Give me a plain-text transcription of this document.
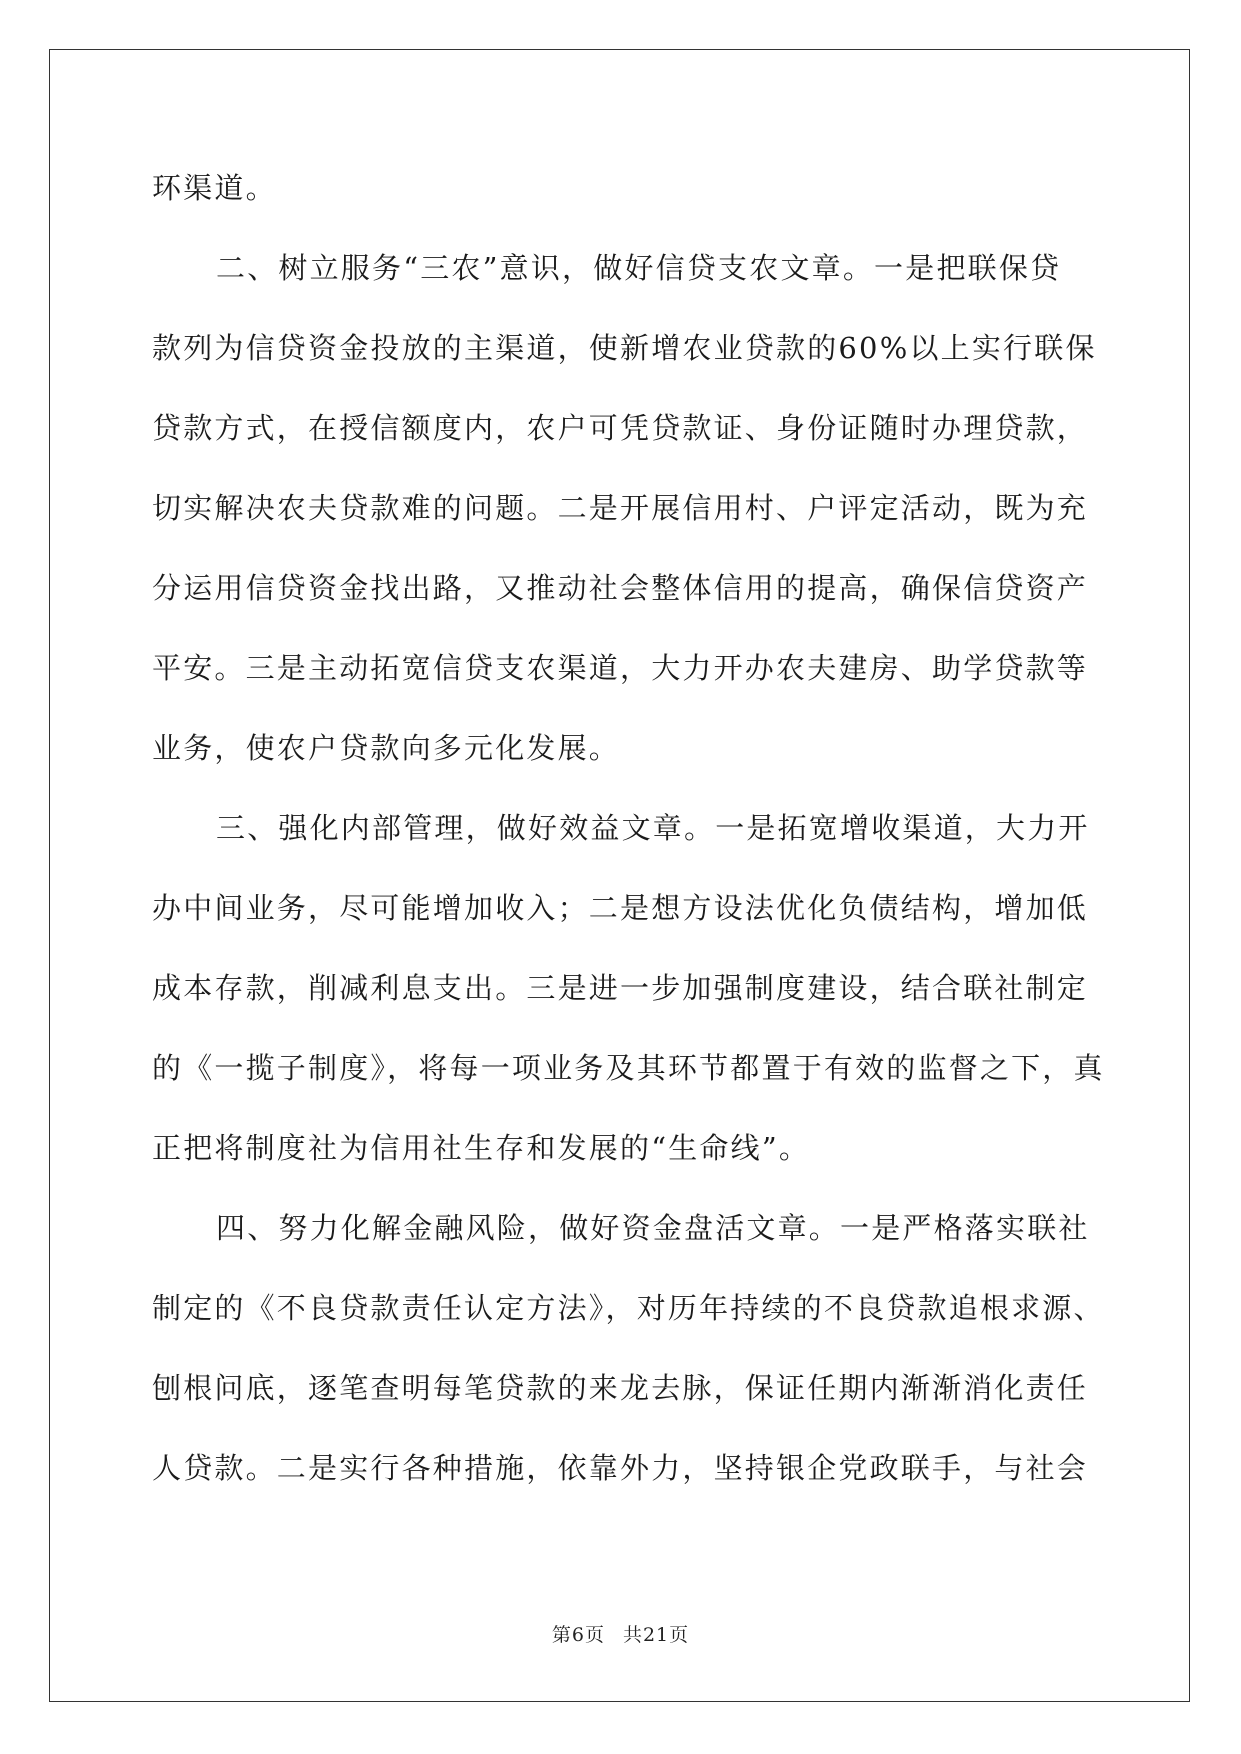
环渠道。
二、树立服务“三农”意识，做好信贷支农文章。一是把联保贷
款列为信贷资金投放的主渠道，使新增农业贷款的60%以上实行联保
贷款方式，在授信额度内，农户可凭贷款证、身份证随时办理贷款，
切实解决农夫贷款难的问题。二是开展信用村、户评定活动，既为充
分运用信贷资金找出路，又推动社会整体信用的提高，确保信贷资产
平安。三是主动拓宽信贷支农渠道，大力开办农夫建房、助学贷款等
业务，使农户贷款向多元化发展。
三、强化内部管理，做好效益文章。一是拓宽增收渠道，大力开
办中间业务，尽可能增加收入；二是想方设法优化负债结构，增加低
成本存款，削减利息支出。三是进一步加强制度建设，结合联社制定
的《一揽子制度》，将每一项业务及其环节都置于有效的监督之下，真
正把将制度社为信用社生存和发展的“生命线”。
四、努力化解金融风险，做好资金盘活文章。一是严格落实联社
制定的《不良贷款责任认定方法》，对历年持续的不良贷款追根求源、
刨根问底，逐笔查明每笔贷款的来龙去脉，保证任期内渐渐消化责任
人贷款。二是实行各种措施，依靠外力，坚持银企党政联手，与社会
第6页 共21页
